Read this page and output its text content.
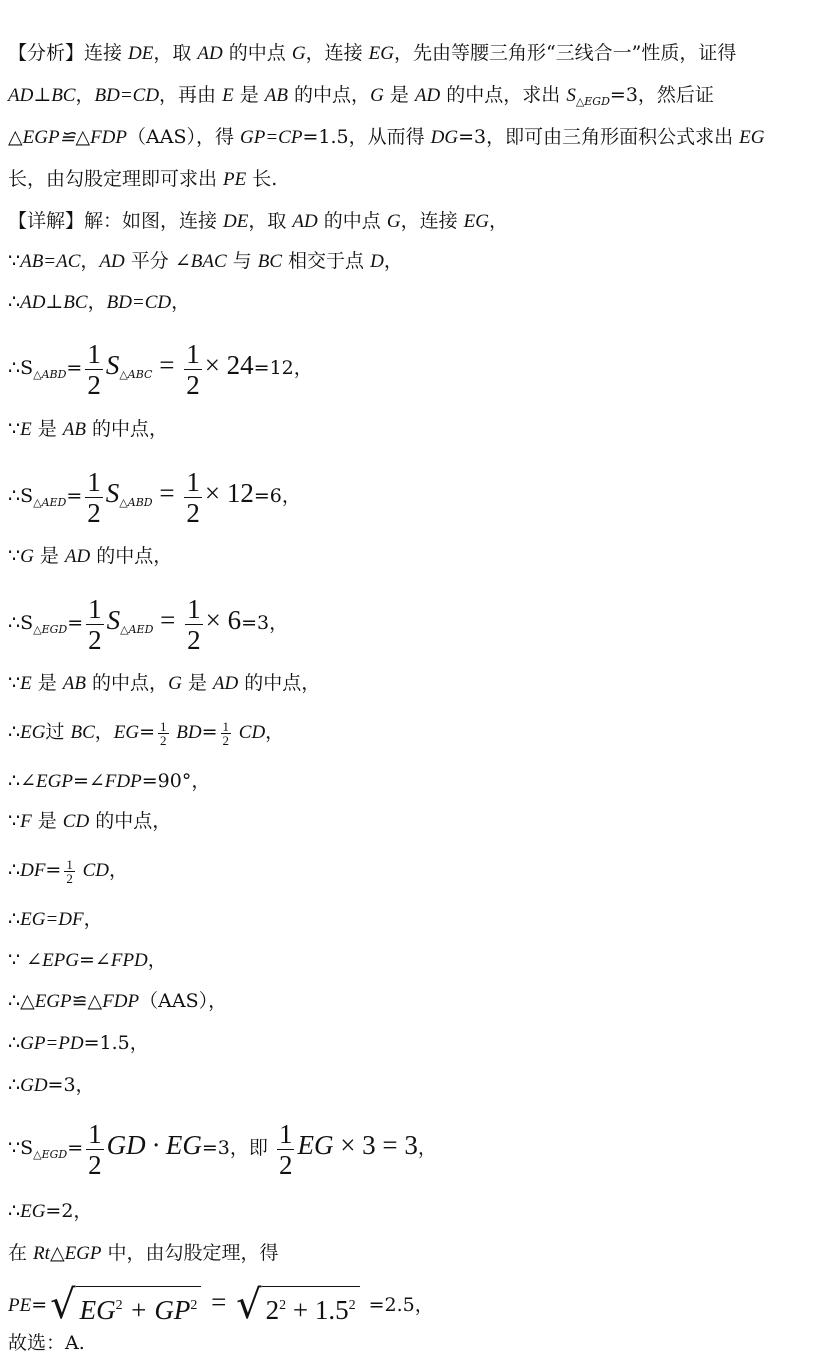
【分析】连接 DE，取 AD 的中点 G，连接 EG，先由等腰三角形“三线合一”性质，证得
AD⊥BC，BD=CD，再由 E 是 AB 的中点，G 是 AD 的中点，求出 $S_{\triangle EGD}=3$，然后证
△EGP≌△FDP（AAS），得 GP=CP=1.5，从而得 DG=3，即可由三角形面积公式求出 EG
长，由勾股定理即可求出 PE 长.
【详解】解：如图，连接 DE，取 AD 的中点 G，连接 EG，
∵AB=AC，AD 平分 ∠BAC 与 BC 相交于点 D，
∴AD⊥BC，BD=CD，
$\therefore S_{\triangle ABD}= \frac{1}{2} S_{\triangle ABC} = \frac{1}{2} \times 24=12$，
∵E 是 AB 的中点，
$\therefore S_{\triangle AED}= \frac{1}{2} S_{\triangle ABD} = \frac{1}{2} \times 12=6$，
∵G 是 AD 的中点，
$\therefore S_{\triangle EGD}= \frac{1}{2} S_{\triangle AED} = \frac{1}{2} \times 6=3$，
∵E 是 AB 的中点，G 是 AD 的中点，
∴EG过 BC，$EG= \frac{1}{2} BD= \frac{1}{2}$ CD，
∴∠EGP=∠FDP=90°，
∵F 是 CD 的中点，
∴DF= $\frac{1}{2}$ CD，
∴EG=DF，
∵ ∠EPG=∠FPD，
∴△EGP≌△FDP（AAS），
∴GP=PD=1.5，
∴GD=3，
$\because S_{\triangle EGD}= \frac{1}{2}$ GD · EG=3，即 $\frac{1}{2}$ EG × 3 = 3，
∴EG=2，
在 Rt△EGP 中，由勾股定理，得
PE= √ $EG^2 + GP^2$ = √ $2^2 + 1.5^2 =2.5$，
故选：A.
